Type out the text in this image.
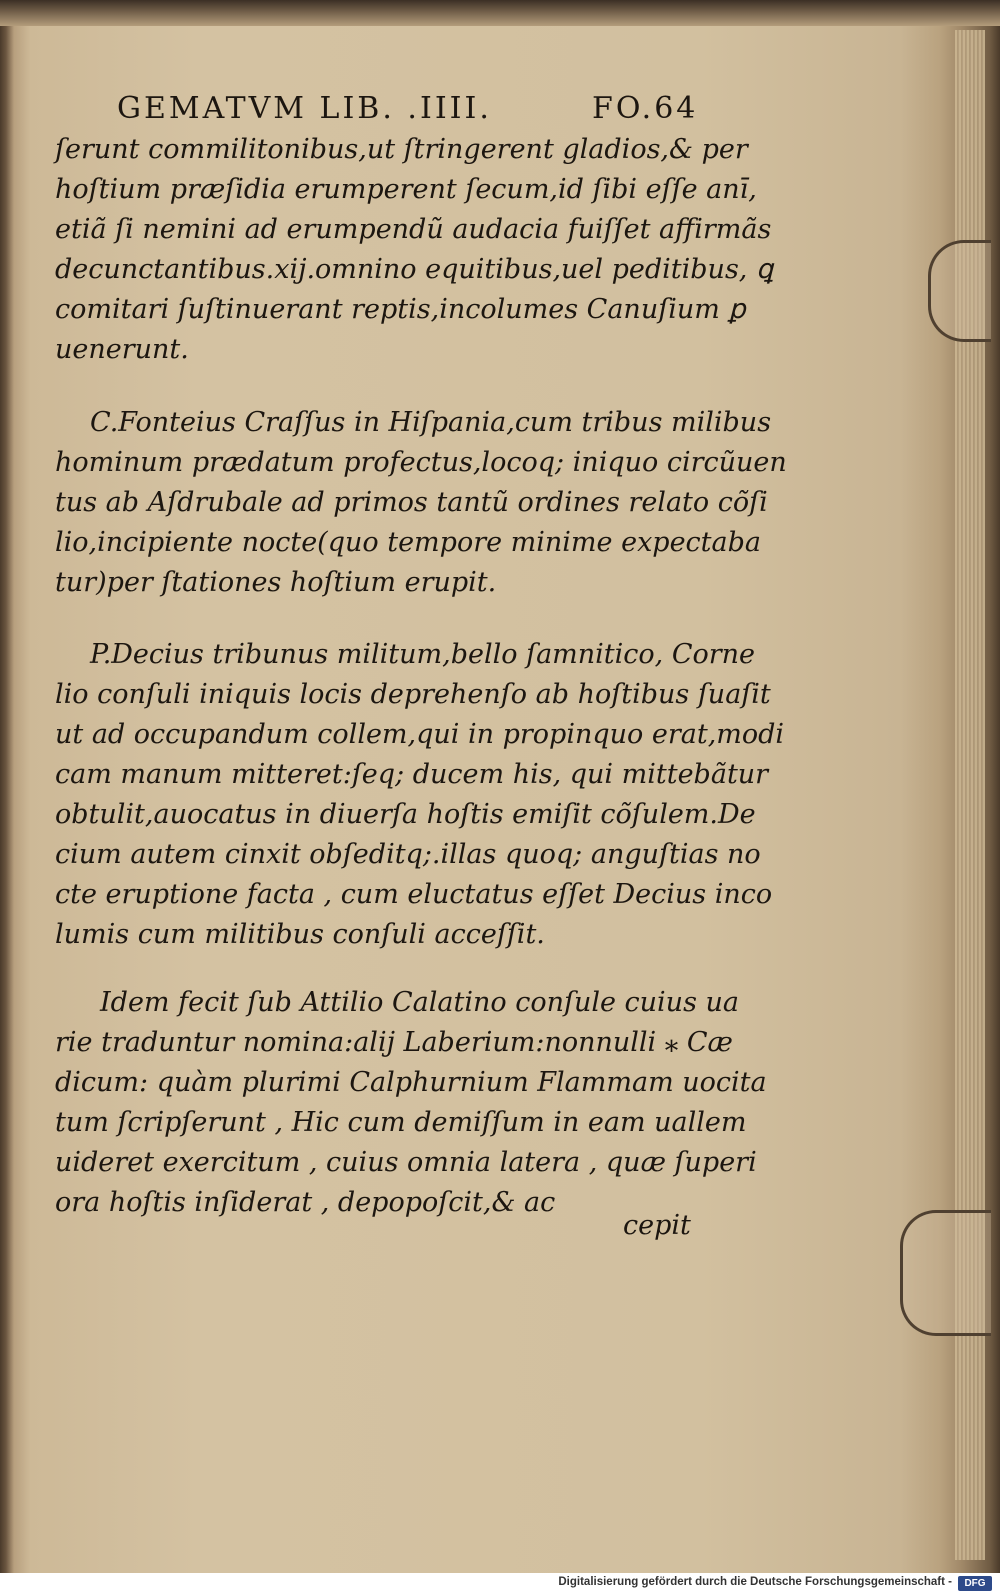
GEMATVM LIB. .IIII.	FO.64
ſerunt commilitonibus,ut ſtringerent gladios,& per
hoſtium præſidia erumperent ſecum,id ſibi eſſe anī,
etiã ſi nemini ad erumpendũ audacia fuiſſet affirmãs
decunctantibus.xij.omnino equitibus,uel peditibus, ꝗ
comitari ſuſtinuerant reptis,incolumes Canuſium ꝑ
uenerunt.
C.Fonteius Craſſus in Hiſpania,cum tribus milibus
hominum prædatum profectus,locoq; iniquo circũuen
tus ab Aſdrubale ad primos tantũ ordines relato cõſi
lio,incipiente nocte(quo tempore minime expectaba
tur)per ſtationes hoſtium erupit.
P.Decius tribunus militum,bello ſamnitico, Corne
lio conſuli iniquis locis deprehenſo ab hoſtibus ſuaſit
ut ad occupandum collem,qui in propinquo erat,modi
cam manum mitteret:ſeq; ducem his, qui mittebãtur
obtulit,auocatus in diuerſa hoſtis emiſit cõſulem.De
cium autem cinxit obſeditq;.illas quoq; anguſtias no
cte eruptione facta , cum eluctatus eſſet Decius inco
lumis cum militibus conſuli acceſſit.
Idem fecit ſub Attilio Calatino conſule cuius ua
rie traduntur nomina:alij Laberium:nonnulli ⁎ Cæ
dicum: quàm plurimi Calphurnium Flammam uocita
tum ſcripſerunt , Hic cum demiſſum in eam uallem
uideret exercitum , cuius omnia latera , quæ ſuperi
ora hoſtis inſiderat , depopoſcit,& ac
cepit
Digitalisierung gefördert durch die Deutsche Forschungsgemeinschaft -	DFG
